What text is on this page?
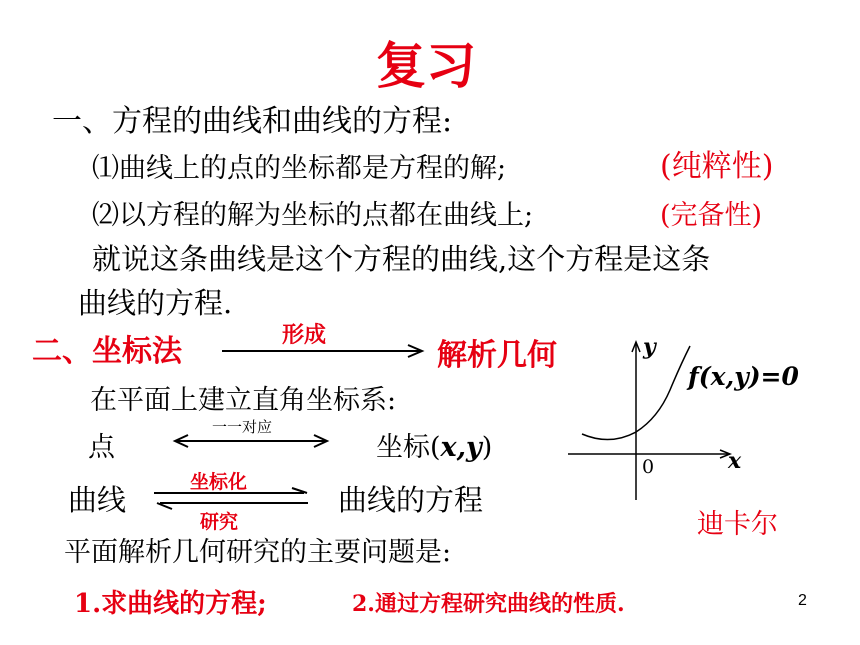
复习
一、方程的曲线和曲线的方程:
⑴曲线上的点的坐标都是方程的解;	(纯粹性)
⑵以方程的解为坐标的点都在曲线上;	(完备性)
就说这条曲线是这个方程的曲线,这个方程是这条
曲线的方程.
二、坐标法	形成
解析几何
在平面上建立直角坐标系:
点
一一对应
坐标(x,y)
曲线
坐标化
研究
曲线的方程
平面解析几何研究的主要问题是:
1.求曲线的方程;	2.通过方程研究曲线的性质.
y
f(x,y)=0
0	x
迪卡尔
2
